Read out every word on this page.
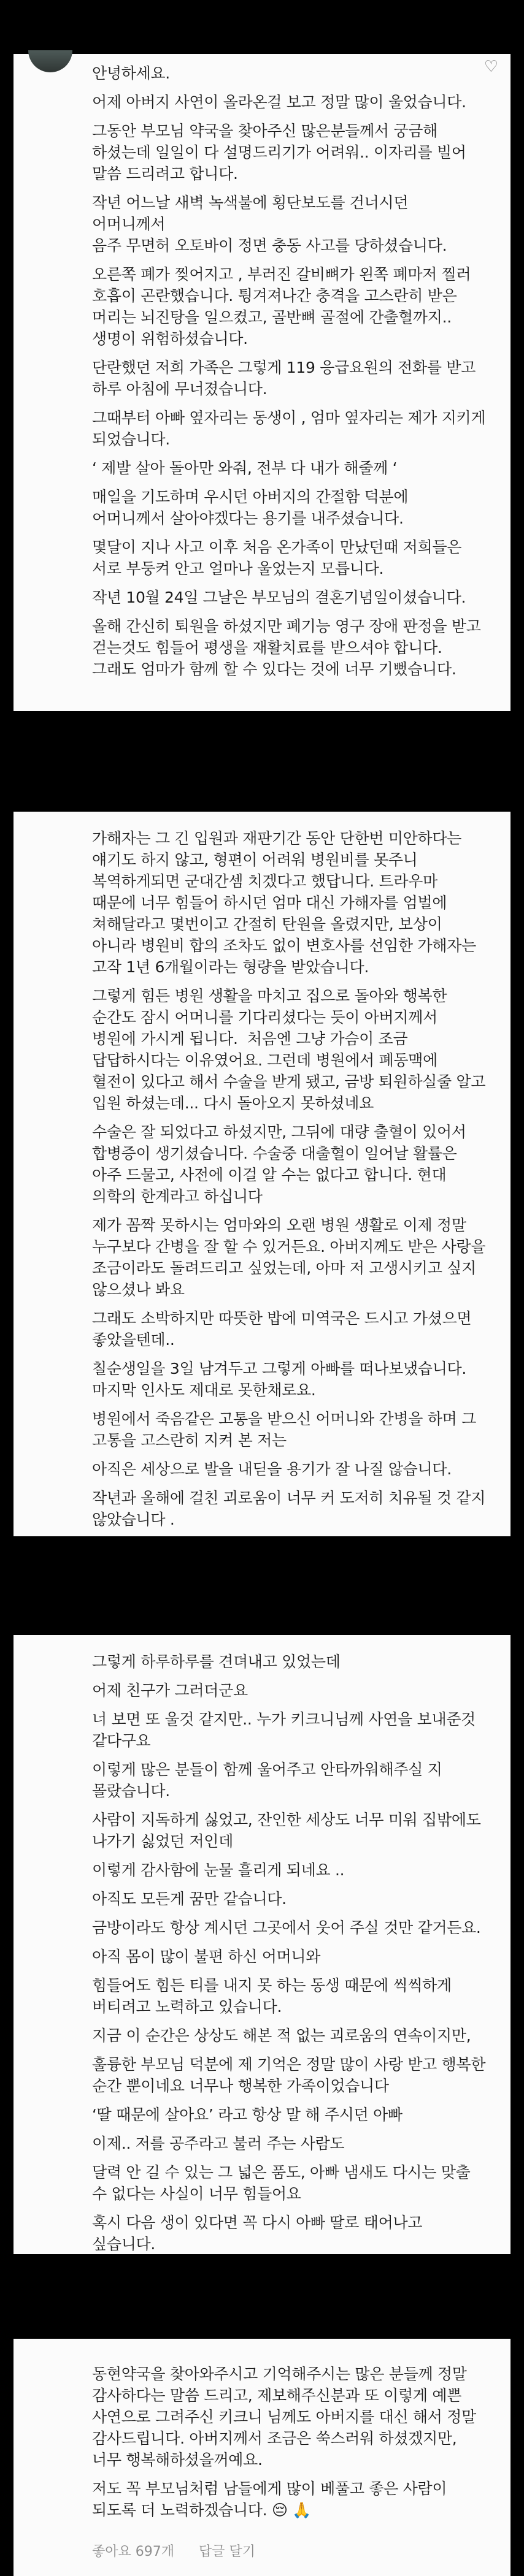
♡

안녕하세요.

어제 아버지 사연이 올라온걸 보고 정말 많이 울었습니다.

그동안 부모님 약국을 찾아주신 많은분들께서 궁금해 하셨는데 일일이 다 설명드리기가 어려워.. 이자리를 빌어 말씀 드리려고 합니다.

작년 어느날 새벽 녹색불에 횡단보도를 건너시던 어머니께서
음주 무면허 오토바이 정면 충동 사고를 당하셨습니다.

오른쪽 폐가 찢어지고 , 부러진 갈비뼈가 왼쪽 폐마저 찔러 호흡이 곤란했습니다. 튕겨져나간 충격을 고스란히 받은 머리는 뇌진탕을 일으켰고, 골반뼈 골절에 간출혈까지.. 생명이 위험하셨습니다.

단란했던 저희 가족은 그렇게 119 응급요원의 전화를 받고 하루 아침에 무너졌습니다.

그때부터 아빠 옆자리는 동생이 , 엄마 옆자리는 제가 지키게 되었습니다.

‘ 제발 살아 돌아만 와줘, 전부 다 내가 해줄께 ‘

매일을 기도하며 우시던 아버지의 간절함 덕분에 어머니께서 살아야겠다는 용기를 내주셨습니다.

몇달이 지나 사고 이후 처음 온가족이 만났던때 저희들은 서로 부둥켜 안고 얼마나 울었는지 모릅니다.

작년 10월 24일 그날은 부모님의 결혼기념일이셨습니다.

올해 간신히 퇴원을 하셨지만 폐기능 영구 장애 판정을 받고 걷는것도 힘들어 평생을 재활치료를 받으셔야 합니다. 그래도 엄마가 함께 할 수 있다는 것에 너무 기뻤습니다.

가해자는 그 긴 입원과 재판기간 동안 단한번 미안하다는 얘기도 하지 않고, 형편이 어려워 병원비를 못주니 복역하게되면 군대간셈 치겠다고 했답니다. 트라우마 때문에 너무 힘들어 하시던 엄마 대신 가해자를 엄벌에 쳐해달라고 몇번이고 간절히 탄원을 올렸지만, 보상이 아니라 병원비 합의 조차도 없이 변호사를 선임한 가해자는 고작 1년 6개월이라는 형량을 받았습니다.

그렇게 힘든 병원 생활을 마치고 집으로 돌아와 행복한 순간도 잠시 어머니를 기다리셨다는 듯이 아버지께서 병원에 가시게 됩니다.  처음엔 그냥 가슴이 조금 답답하시다는 이유였어요. 그런데 병원에서 폐동맥에 혈전이 있다고 해서 수술을 받게 됐고, 금방 퇴원하실줄 알고 입원 하셨는데... 다시 돌아오지 못하셨네요

수술은 잘 되었다고 하셨지만, 그뒤에 대량 출혈이 있어서 합병증이 생기셨습니다. 수술중 대출혈이 일어날 활률은 아주 드물고, 사전에 이걸 알 수는 없다고 합니다. 현대 의학의 한계라고 하십니다

제가 꼼짝 못하시는 엄마와의 오랜 병원 생활로 이제 정말 누구보다 간병을 잘 할 수 있거든요. 아버지께도 받은 사랑을 조금이라도 돌려드리고 싶었는데, 아마 저 고생시키고 싶지 않으셨나 봐요

그래도 소박하지만 따뜻한 밥에 미역국은 드시고 가셨으면 좋았을텐데..

칠순생일을 3일 남겨두고 그렇게 아빠를 떠나보냈습니다. 마지막 인사도 제대로 못한채로요.

병원에서 죽음같은 고통을 받으신 어머니와 간병을 하며 그 고통을 고스란히 지켜 본 저는

아직은 세상으로 발을 내딛을 용기가 잘 나질 않습니다.

작년과 올해에 걸친 괴로움이 너무 커 도저히 치유될 것 같지 않았습니다 .

그렇게 하루하루를 견뎌내고 있었는데

어제 친구가 그러더군요

너 보면 또 울것 같지만.. 누가 키크니님께 사연을 보내준것 같다구요

이렇게 많은 분들이 함께 울어주고 안타까워해주실 지 몰랐습니다.

사람이 지독하게 싫었고, 잔인한 세상도 너무 미워 집밖에도 나가기 싫었던 저인데

이렇게 감사함에 눈물 흘리게 되네요 ..

아직도 모든게 꿈만 같습니다.

금방이라도 항상 계시던 그곳에서 웃어 주실 것만 같거든요.

아직 몸이 많이 불편 하신 어머니와

힘들어도 힘든 티를 내지 못 하는 동생 때문에 씩씩하게 버티려고 노력하고 있습니다.

지금 이 순간은 상상도 해본 적 없는 괴로움의 연속이지만,

훌륭한 부모님 덕분에 제 기억은 정말 많이 사랑 받고 행복한 순간 뿐이네요 너무나 행복한 가족이었습니다

‘딸 때문에 살아요’ 라고 항상 말 해 주시던 아빠

이제.. 저를 공주라고 불러 주는 사람도

달력 안 길 수 있는 그 넓은 품도, 아빠 냄새도 다시는 맞출 수 없다는 사실이 너무 힘들어요

혹시 다음 생이 있다면 꼭 다시 아빠 딸로 태어나고 싶습니다.

동현약국을 찾아와주시고 기억해주시는 많은 분들께 정말 감사하다는 말씀 드리고, 제보해주신분과 또 이렇게 예쁜 사연으로 그려주신 키크니 님께도 아버지를 대신 해서 정말 감사드립니다. 아버지께서 조금은 쑥스러워 하셨겠지만, 너무 행복해하셨을꺼예요.

저도 꼭 부모님처럼 남들에게 많이 베풀고 좋은 사람이 되도록 더 노력하겠습니다. 😔 🙏

좋아요 697개 답글 달기
